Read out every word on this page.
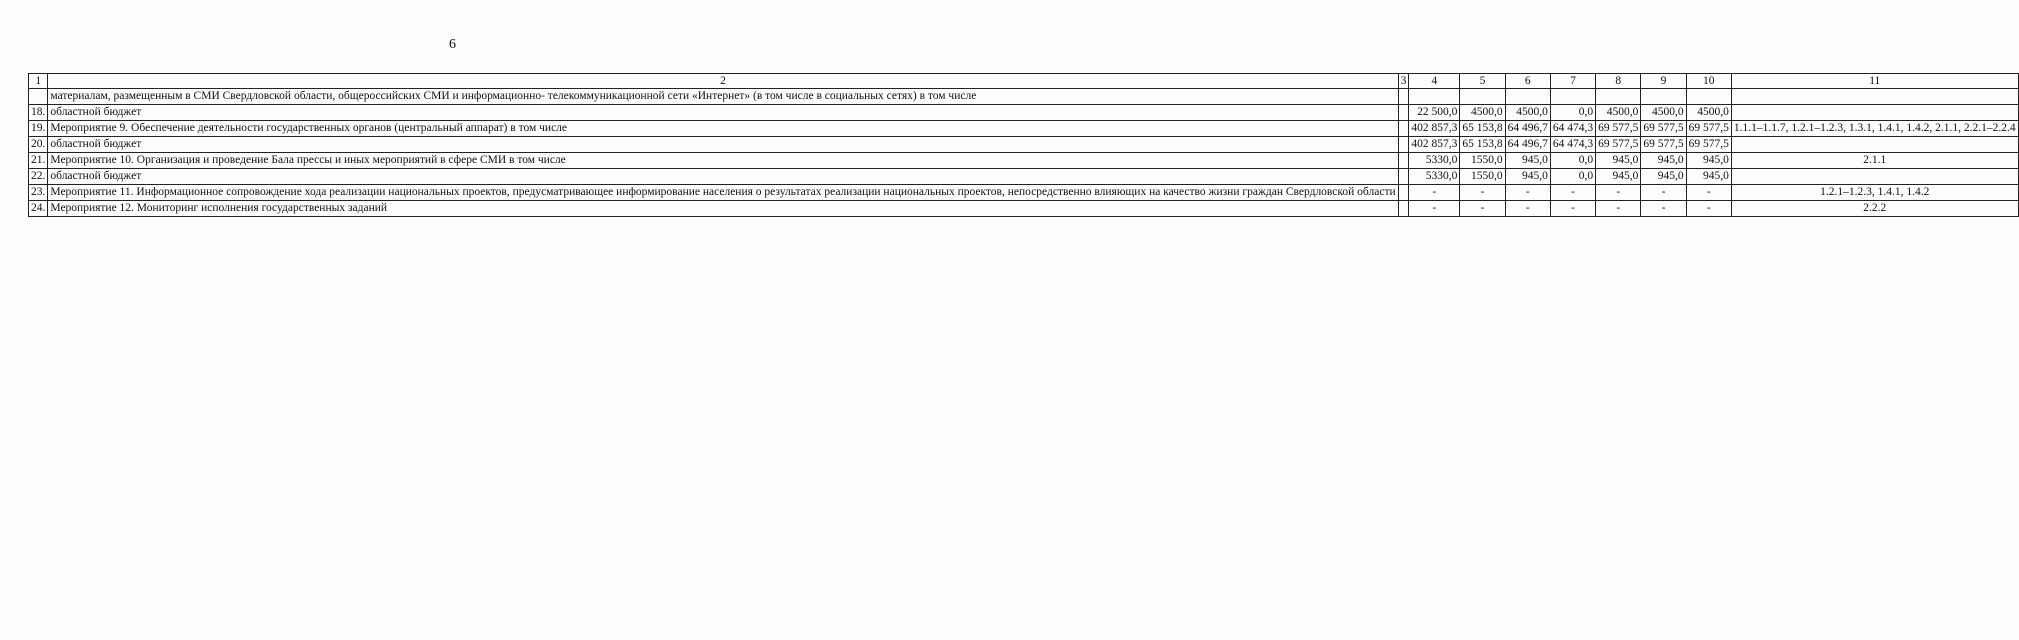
6
1	2	3	4	5	6	7	8	9	10	11
	материалам, размещенным в СМИ Свердловской области, общероссийских СМИ и информационно- телекоммуникационной сети «Интернет» (в том числе в социальных сетях) в том числе									
18.	областной бюджет		22 500,0	4500,0	4500,0	0,0	4500,0	4500,0	4500,0	
19.	Мероприятие 9. Обеспечение деятельности государственных органов (центральный аппарат) в том числе		402 857,3	65 153,8	64 496,7	64 474,3	69 577,5	69 577,5	69 577,5	1.1.1–1.1.7, 1.2.1–1.2.3, 1.3.1, 1.4.1, 1.4.2, 2.1.1, 2.2.1–2.2.4
20.	областной бюджет		402 857,3	65 153,8	64 496,7	64 474,3	69 577,5	69 577,5	69 577,5	
21.	Мероприятие 10. Организация и проведение Бала прессы и иных мероприятий в сфере СМИ в том числе		5330,0	1550,0	945,0	0,0	945,0	945,0	945,0	2.1.1
22.	областной бюджет		5330,0	1550,0	945,0	0,0	945,0	945,0	945,0	
23.	Мероприятие 11. Информационное сопровождение хода реализации национальных проектов, предусматривающее информирование населения о результатах реализации национальных проектов, непосредственно влияющих на качество жизни граждан Свердловской области		-	-	-	-	-	-	-	1.2.1–1.2.3, 1.4.1, 1.4.2
24.	Мероприятие 12. Мониторинг исполнения государственных заданий		-	-	-	-	-	-	-	2.2.2
